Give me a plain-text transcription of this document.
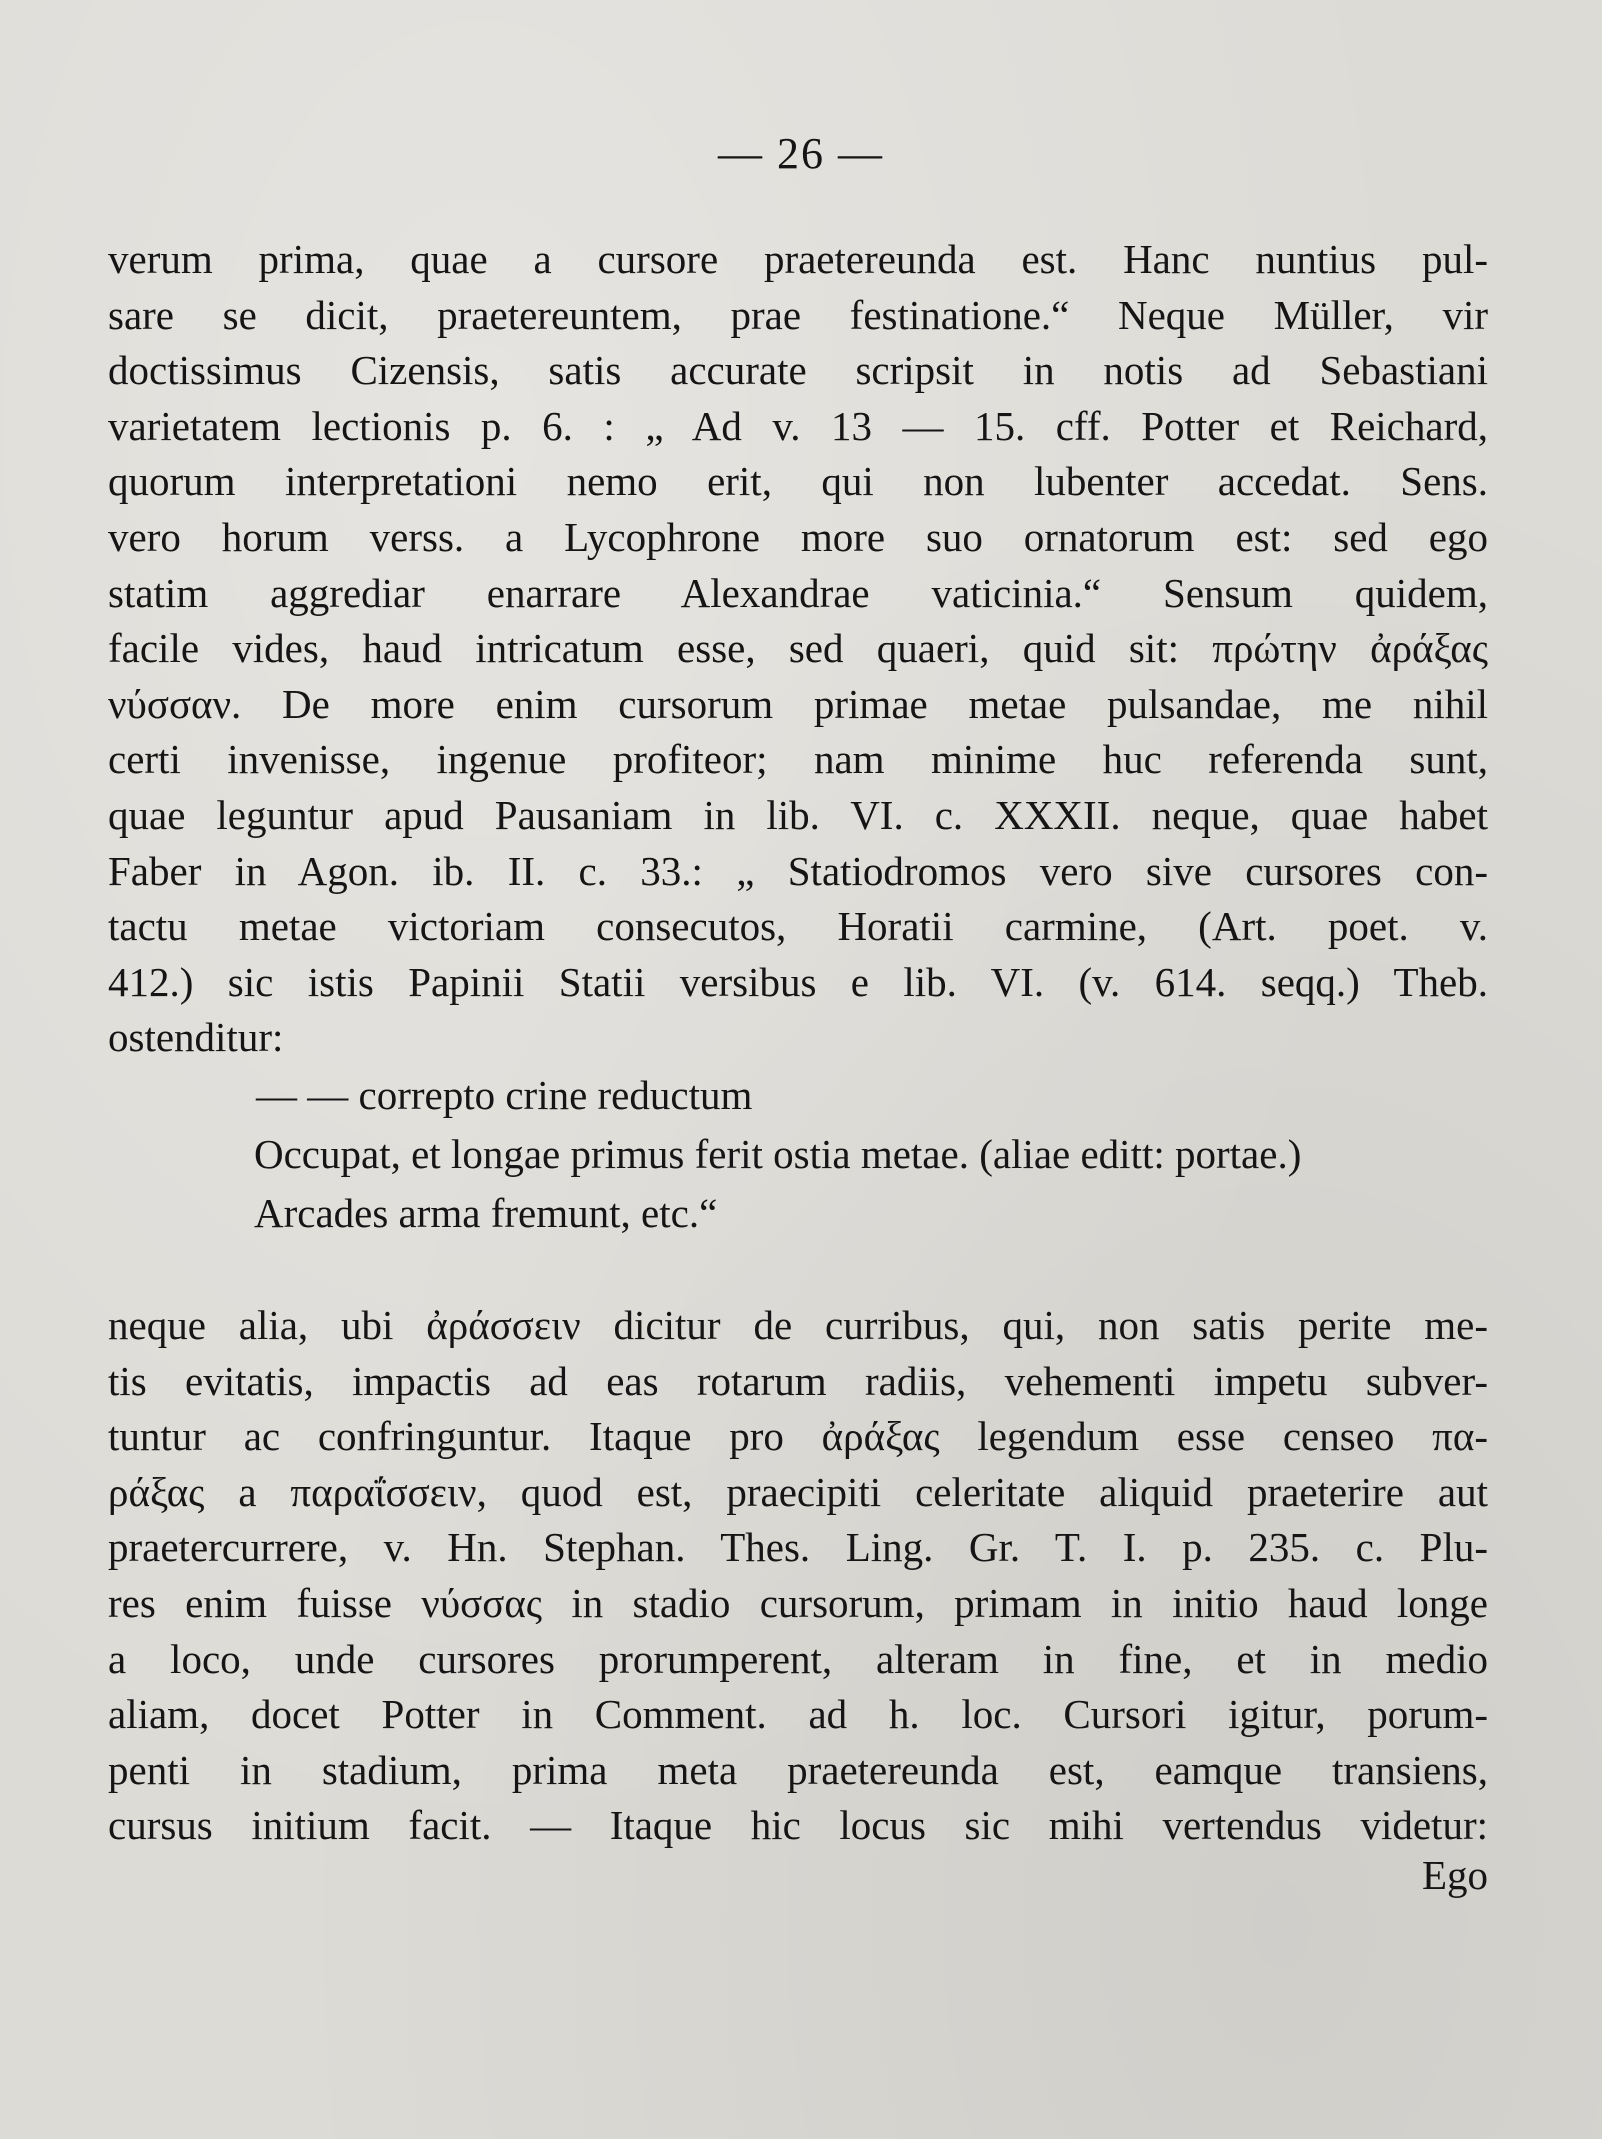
— 26 —
verum prima, quae a cursore praetereunda est. Hanc nuntius pul-
sare se dicit, praetereuntem, prae festinatione.“ Neque Müller, vir
doctissimus Cizensis, satis accurate scripsit in notis ad Sebastiani
varietatem lectionis p. 6. : „ Ad v. 13 — 15. cff. Potter et Reichard,
quorum interpretationi nemo erit, qui non lubenter accedat. Sens.
vero horum verss. a Lycophrone more suo ornatorum est: sed ego
statim aggrediar enarrare Alexandrae vaticinia.“ Sensum quidem,
facile vides, haud intricatum esse, sed quaeri, quid sit: πρώτην ἀράξας
νύσσαν. De more enim cursorum primae metae pulsandae, me nihil
certi invenisse, ingenue profiteor; nam minime huc referenda sunt,
quae leguntur apud Pausaniam in lib. VI. c. XXXII. neque, quae habet
Faber in Agon. ib. II. c. 33.: „ Statiodromos vero sive cursores con-
tactu metae victoriam consecutos, Horatii carmine, (Art. poet. v.
412.) sic istis Papinii Statii versibus e lib. VI. (v. 614. seqq.) Theb.
ostenditur:
— — correpto crine reductum
Occupat, et longae primus ferit ostia metae. (aliae editt: portae.)
Arcades arma fremunt, etc.“
neque alia, ubi ἀράσσειν dicitur de curribus, qui, non satis perite me-
tis evitatis, impactis ad eas rotarum radiis, vehementi impetu subver-
tuntur ac confringuntur. Itaque pro ἀράξας legendum esse censeo πα-
ράξας a παραΐσσειν, quod est, praecipiti celeritate aliquid praeterire aut
praetercurrere, v. Hn. Stephan. Thes. Ling. Gr. T. I. p. 235. c. Plu-
res enim fuisse νύσσας in stadio cursorum, primam in initio haud longe
a loco, unde cursores prorumperent, alteram in fine, et in medio
aliam, docet Potter in Comment. ad h. loc. Cursori igitur, porum-
penti in stadium, prima meta praetereunda est, eamque transiens,
cursus initium facit. — Itaque hic locus sic mihi vertendus videtur:
Ego
